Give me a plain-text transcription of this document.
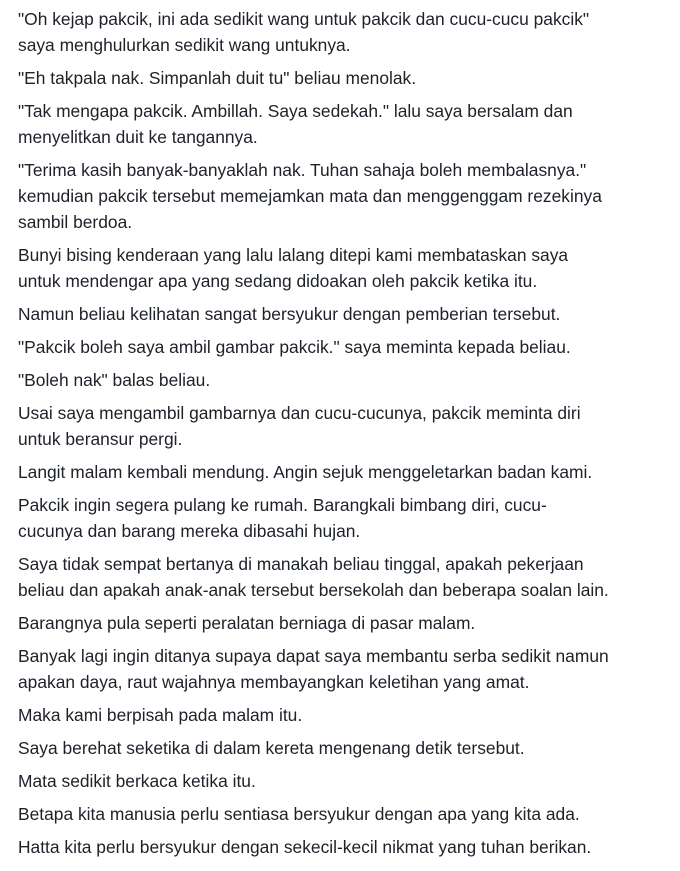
"Oh kejap pakcik, ini ada sedikit wang untuk pakcik dan cucu-cucu pakcik"
saya menghulurkan sedikit wang untuknya.

"Eh takpala nak. Simpanlah duit tu" beliau menolak.

"Tak mengapa pakcik. Ambillah. Saya sedekah." lalu saya bersalam dan
menyelitkan duit ke tangannya.

"Terima kasih banyak-banyaklah nak. Tuhan sahaja boleh membalasnya."
kemudian pakcik tersebut memejamkan mata dan menggenggam rezekinya
sambil berdoa.

Bunyi bising kenderaan yang lalu lalang ditepi kami membataskan saya
untuk mendengar apa yang sedang didoakan oleh pakcik ketika itu.

Namun beliau kelihatan sangat bersyukur dengan pemberian tersebut.

"Pakcik boleh saya ambil gambar pakcik." saya meminta kepada beliau.

"Boleh nak" balas beliau.

Usai saya mengambil gambarnya dan cucu-cucunya, pakcik meminta diri
untuk beransur pergi.

Langit malam kembali mendung. Angin sejuk menggeletarkan badan kami.

Pakcik ingin segera pulang ke rumah. Barangkali bimbang diri, cucu-
cucunya dan barang mereka dibasahi hujan.

Saya tidak sempat bertanya di manakah beliau tinggal, apakah pekerjaan
beliau dan apakah anak-anak tersebut bersekolah dan beberapa soalan lain.

Barangnya pula seperti peralatan berniaga di pasar malam.

Banyak lagi ingin ditanya supaya dapat saya membantu serba sedikit namun
apakan daya, raut wajahnya membayangkan keletihan yang amat.

Maka kami berpisah pada malam itu.

Saya berehat seketika di dalam kereta mengenang detik tersebut.

Mata sedikit berkaca ketika itu.

Betapa kita manusia perlu sentiasa bersyukur dengan apa yang kita ada.

Hatta kita perlu bersyukur dengan sekecil-kecil nikmat yang tuhan berikan.
